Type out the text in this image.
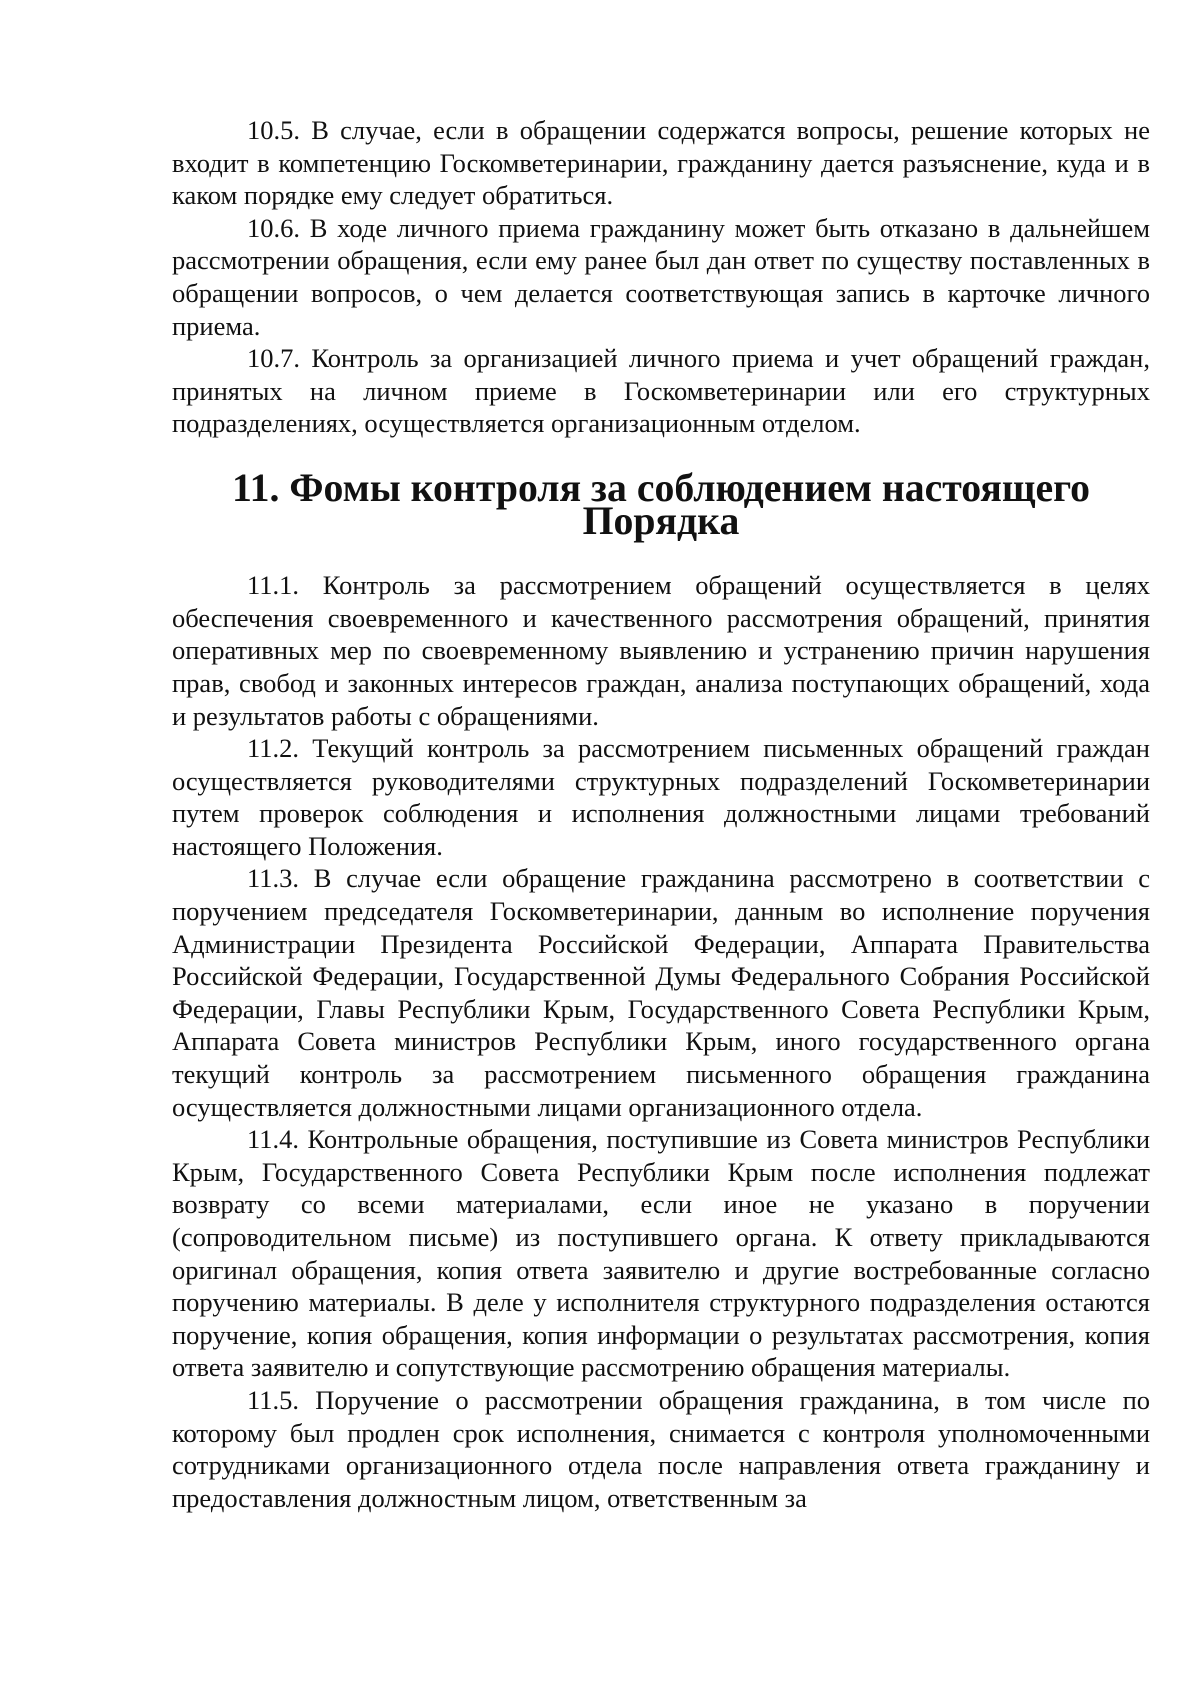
10.5. В случае, если в обращении содержатся вопросы, решение которых не входит в компетенцию Госкомветеринарии, гражданину дается разъяснение, куда и в каком порядке ему следует обратиться.

10.6. В ходе личного приема гражданину может быть отказано в дальнейшем рассмотрении обращения, если ему ранее был дан ответ по существу поставленных в обращении вопросов, о чем делается соответствующая запись в карточке личного приема.

10.7. Контроль за организацией личного приема и учет обращений граждан, принятых на личном приеме в Госкомветеринарии или его структурных подразделениях, осуществляется организационным отделом.

11. Фомы контроля за соблюдением настоящего Порядка

11.1. Контроль за рассмотрением обращений осуществляется в целях обеспечения своевременного и качественного рассмотрения обращений, принятия оперативных мер по своевременному выявлению и устранению причин нарушения прав, свобод и законных интересов граждан, анализа поступающих обращений, хода и результатов работы с обращениями.

11.2. Текущий контроль за рассмотрением письменных обращений граждан осуществляется руководителями структурных подразделений Госкомветеринарии путем проверок соблюдения и исполнения должностными лицами требований настоящего Положения.

11.3. В случае если обращение гражданина рассмотрено в соответствии с поручением председателя Госкомветеринарии, данным во исполнение поручения Администрации Президента Российской Федерации, Аппарата Правительства Российской Федерации, Государственной Думы Федерального Собрания Российской Федерации, Главы Республики Крым, Государственного Совета Республики Крым, Аппарата Совета министров Республики Крым, иного государственного органа текущий контроль за рассмотрением письменного обращения гражданина осуществляется должностными лицами организационного отдела.

11.4. Контрольные обращения, поступившие из Совета министров Республики Крым, Государственного Совета Республики Крым после исполнения подлежат возврату со всеми материалами, если иное не указано в поручении (сопроводительном письме) из поступившего органа. К ответу прикладываются оригинал обращения, копия ответа заявителю и другие востребованные согласно поручению материалы. В деле у исполнителя структурного подразделения остаются поручение, копия обращения, копия информации о результатах рассмотрения, копия ответа заявителю и сопутствующие рассмотрению обращения материалы.

11.5. Поручение о рассмотрении обращения гражданина, в том числе по которому был продлен срок исполнения, снимается с контроля уполномоченными сотрудниками организационного отдела после направления ответа гражданину и предоставления должностным лицом, ответственным за
